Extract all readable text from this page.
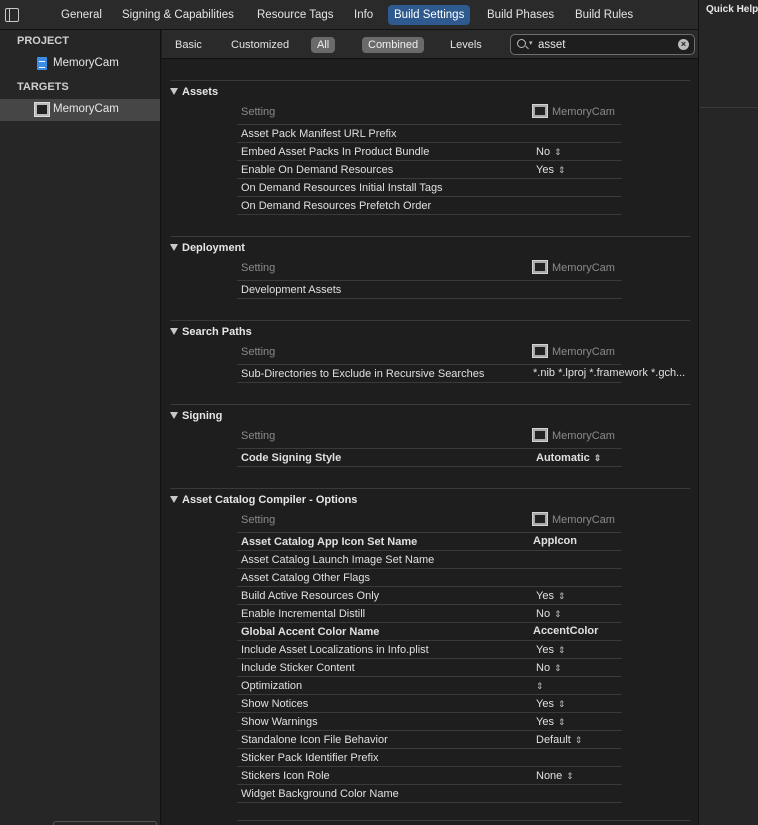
General	Signing & Capabilities	Resource Tags	Info	Build Settings	Build Phases	Build Rules
PROJECT
MemoryCam
TARGETS
MemoryCam
Basic	Customized	All	Combined	Levels	▾
asset	×
Assets
Setting	MemoryCam
Asset Pack Manifest URL Prefix
Embed Asset Packs In Product Bundle	No ⇕
Enable On Demand Resources	Yes ⇕
On Demand Resources Initial Install Tags
On Demand Resources Prefetch Order
Deployment
Setting	MemoryCam
Development Assets
Search Paths
Setting	MemoryCam
Sub-Directories to Exclude in Recursive Searches	*.nib *.lproj *.framework *.gch...
Signing
Setting	MemoryCam
Code Signing Style	Automatic ⇕
Asset Catalog Compiler - Options
Setting	MemoryCam
Asset Catalog App Icon Set Name	AppIcon
Asset Catalog Launch Image Set Name
Asset Catalog Other Flags
Build Active Resources Only	Yes ⇕
Enable Incremental Distill	No ⇕
Global Accent Color Name	AccentColor
Include Asset Localizations in Info.plist	Yes ⇕
Include Sticker Content	No ⇕
Optimization	⇕
Show Notices	Yes ⇕
Show Warnings	Yes ⇕
Standalone Icon File Behavior	Default ⇕
Sticker Pack Identifier Prefix
Stickers Icon Role	None ⇕
Widget Background Color Name
Quick Help
